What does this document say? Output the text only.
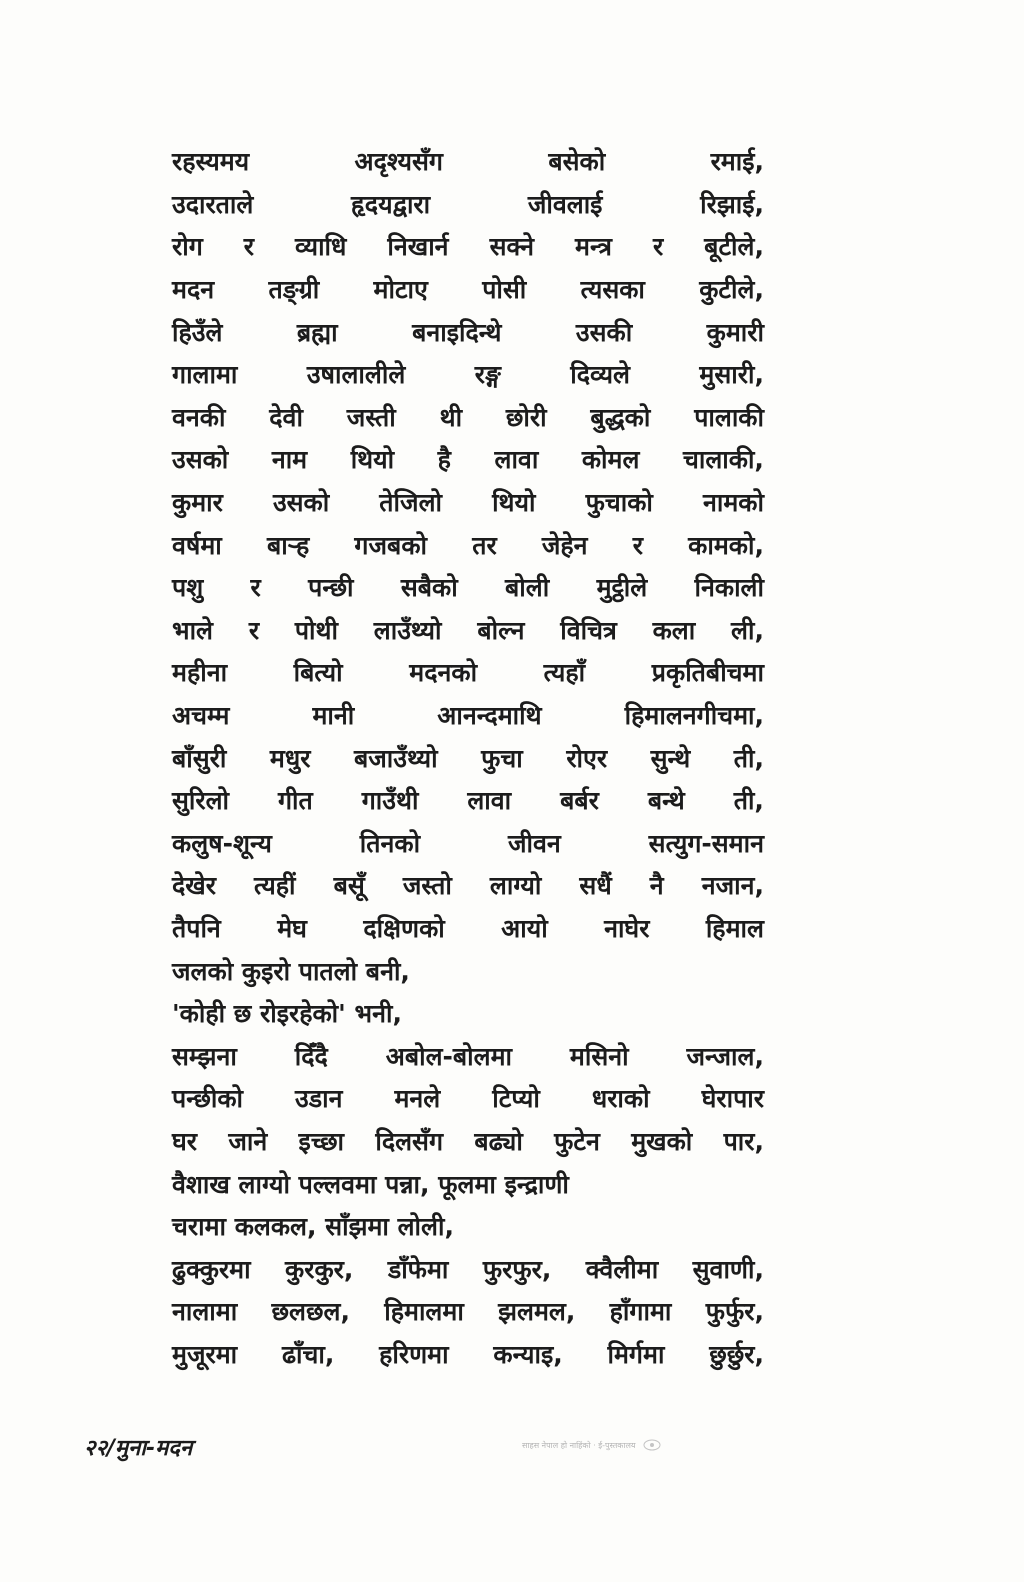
रहस्यमय	अदृश्यसँग	बसेको	रमाई,
उदारताले	हृदयद्वारा	जीवलाई	रिझाई,
रोग र व्याधि निखार्न सक्ने मन्त्र र बूटीले,
मदन तङ्ग्री मोटाए पोसी त्यसका कुटीले,
हिउँले	ब्रह्मा	बनाइदिन्थे	उसकी	कुमारी
गालामा	उषालालीले	रङ्ग	दिव्यले	मुसारी,
वनकी देवी जस्ती थी छोरी बुद्धको पालाकी
उसको नाम थियो है लावा कोमल चालाकी,
कुमार उसको तेजिलो थियो फुचाको नामको
वर्षमा बाऱ्ह गजबको तर जेहेन र कामको,
पशु र पन्छी सबैको बोली मुट्ठीले निकाली
भाले र पोथी लाउँथ्यो बोल्न विचित्र कला ली,
महीना	बित्यो	मदनको	त्यहाँ	प्रकृतिबीचमा
अचम्म	मानी	आनन्दमाथि	हिमालनगीचमा,
बाँसुरी मधुर बजाउँथ्यो फुचा रोएर सुन्थे ती,
सुरिलो गीत गाउँथी लावा बर्बर बन्थे ती,
कलुष-शून्य	तिनको	जीवन	सत्युग-समान
देखेर त्यहीं बसूँ जस्तो लाग्यो सधैं नै नजान,
तैपनि मेघ दक्षिणको आयो नाघेर हिमाल
जलको कुइरो पातलो बनी,
'कोही छ रोइरहेको' भनी,
सम्झना दिँदै अबोल-बोलमा मसिनो जन्जाल,
पन्छीको उडान मनले टिप्यो धराको घेरापार
घर जाने इच्छा दिलसँग बढ्यो फुटेन मुखको पार,
वैशाख लाग्यो पल्लवमा पन्ना, फूलमा इन्द्राणी
चरामा कलकल, साँझमा लोली,
ढुक्कुरमा कुरकुर, डाँफेमा फुरफुर, क्वैलीमा सुवाणी,
नालामा छलछल, हिमालमा झलमल, हाँगामा फुर्फुर,
मुजूरमा ढाँचा, हरिणमा कन्याइ, मिर्गमा छुर्छुर,
२२/मुना-मदन	साहस नेपाल हो नाहिंको · ई-पुस्तकालय
